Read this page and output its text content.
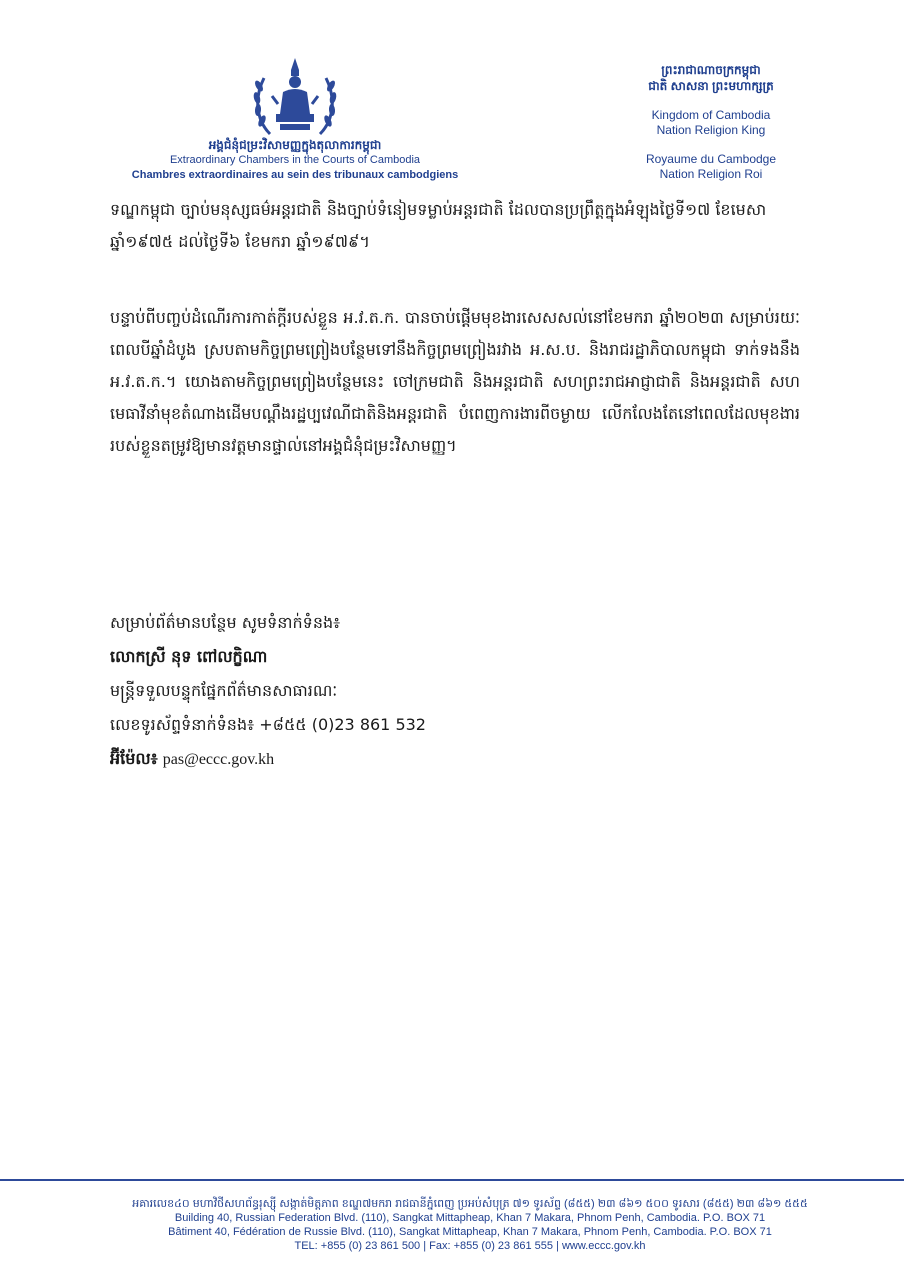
អង្គជំនុំជម្រះវិសាមញ្ញក្នុងតុលាការកម្ពុជា
Extraordinary Chambers in the Courts of Cambodia
Chambres extraordinaires au sein des tribunaux cambodgiens
ព្រះរាជាណាចក្រកម្ពុជា
ជាតិ សាសនា ព្រះមហាក្សត្រ
Kingdom of Cambodia
Nation Religion King
Royaume du Cambodge
Nation Religion Roi
ទណ្ឌកម្ពុជា ច្បាប់មនុស្សធម៌អន្តរជាតិ និងច្បាប់ទំនៀមទម្លាប់អន្តរជាតិ ដែលបានប្រព្រឹត្តក្នុងអំឡុងថ្ងៃទី១៧ ខែមេសា ឆ្នាំ១៩៧៥ ដល់ថ្ងៃទី៦ ខែមករា ឆ្នាំ១៩៧៩។
បន្ទាប់ពីបញ្ចប់ដំណើរការកាត់ក្តីរបស់ខ្លួន អ.វ.ត.ក. បានចាប់ផ្តើមមុខងារសេសសល់នៅខែមករា ឆ្នាំ២០២៣ សម្រាប់រយៈពេលបីឆ្នាំដំបូង ស្របតាមកិច្ចព្រមព្រៀងបន្ថែមទៅនឹងកិច្ចព្រមព្រៀងរវាង អ.ស.ប. និងរាជរដ្ឋាភិបាលកម្ពុជា ទាក់ទងនឹង អ.វ.ត.ក.។ យោងតាមកិច្ចព្រមព្រៀងបន្ថែមនេះ ចៅក្រមជាតិ និងអន្តរជាតិ សហព្រះរាជអាជ្ញាជាតិ និងអន្តរជាតិ សហមេធាវីនាំមុខតំណាងដើមបណ្តឹងរដ្ឋប្បវេណីជាតិនិងអន្តរជាតិ បំពេញការងារពីចម្ងាយ លើកលែងតែនៅពេលដែលមុខងាររបស់ខ្លួនតម្រូវឱ្យមានវត្តមានផ្ទាល់នៅអង្គជំនុំជម្រះវិសាមញ្ញ។
សម្រាប់ព័ត៌មានបន្ថែម សូមទំនាក់ទំនង៖
លោកស្រី នុទ ពៅលក្ខិណា
មន្ត្រីទទួលបន្ទុកផ្នែកព័ត៌មានសាធារណៈ
លេខទូរស័ព្ទទំនាក់ទំនង៖ +៨៥៥ (0)23 861 532
អ៊ីម៉ែល៖ pas@eccc.gov.kh
អគារលេខ៤០ មហាវិថីសហព័ន្ធរុស្ស៊ី សង្កាត់មិត្តភាព ខណ្ឌ៧មករា រាជធានីភ្នំពេញ ប្រអប់សំបុត្រ ៧១ ទូរស័ព្ទ (៨៥៥) ២៣ ៨៦១ ៥០០ ទូរសារ (៨៥៥) ២៣ ៨៦១ ៥៥៥
Building 40, Russian Federation Blvd. (110), Sangkat Mittapheap, Khan 7 Makara, Phnom Penh, Cambodia. P.O. BOX 71
Bâtiment 40, Fédération de Russie Blvd. (110), Sangkat Mittapheap, Khan 7 Makara, Phnom Penh, Cambodia. P.O. BOX 71
TEL: +855 (0) 23 861 500 | Fax: +855 (0) 23 861 555 | www.eccc.gov.kh
